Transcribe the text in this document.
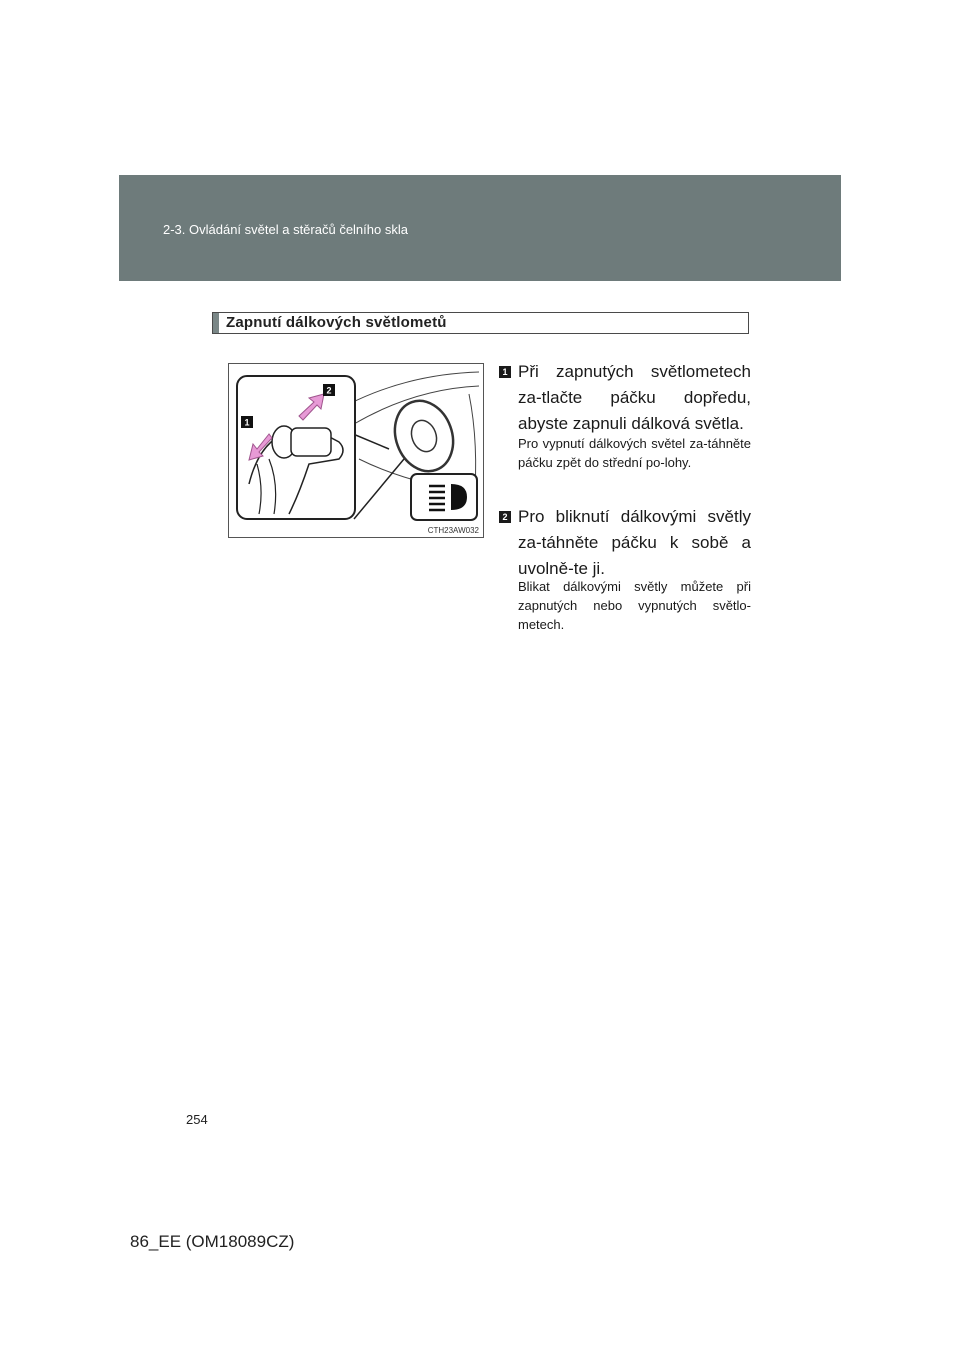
2-3. Ovládání světel a stěračů čelního skla
Zapnutí dálkových světlometů
1
2
CTH23AW032
1 Při zapnutých světlometech za-tlačte páčku dopředu, abyste zapnuli dálková světla.
Pro vypnutí dálkových světel za-táhněte páčku zpět do střední po-lohy.
2 Pro bliknutí dálkovými světly za-táhněte páčku k sobě a uvolně-te ji.
Blikat dálkovými světly můžete při zapnutých nebo vypnutých světlo-metech.
254
86_EE (OM18089CZ)
